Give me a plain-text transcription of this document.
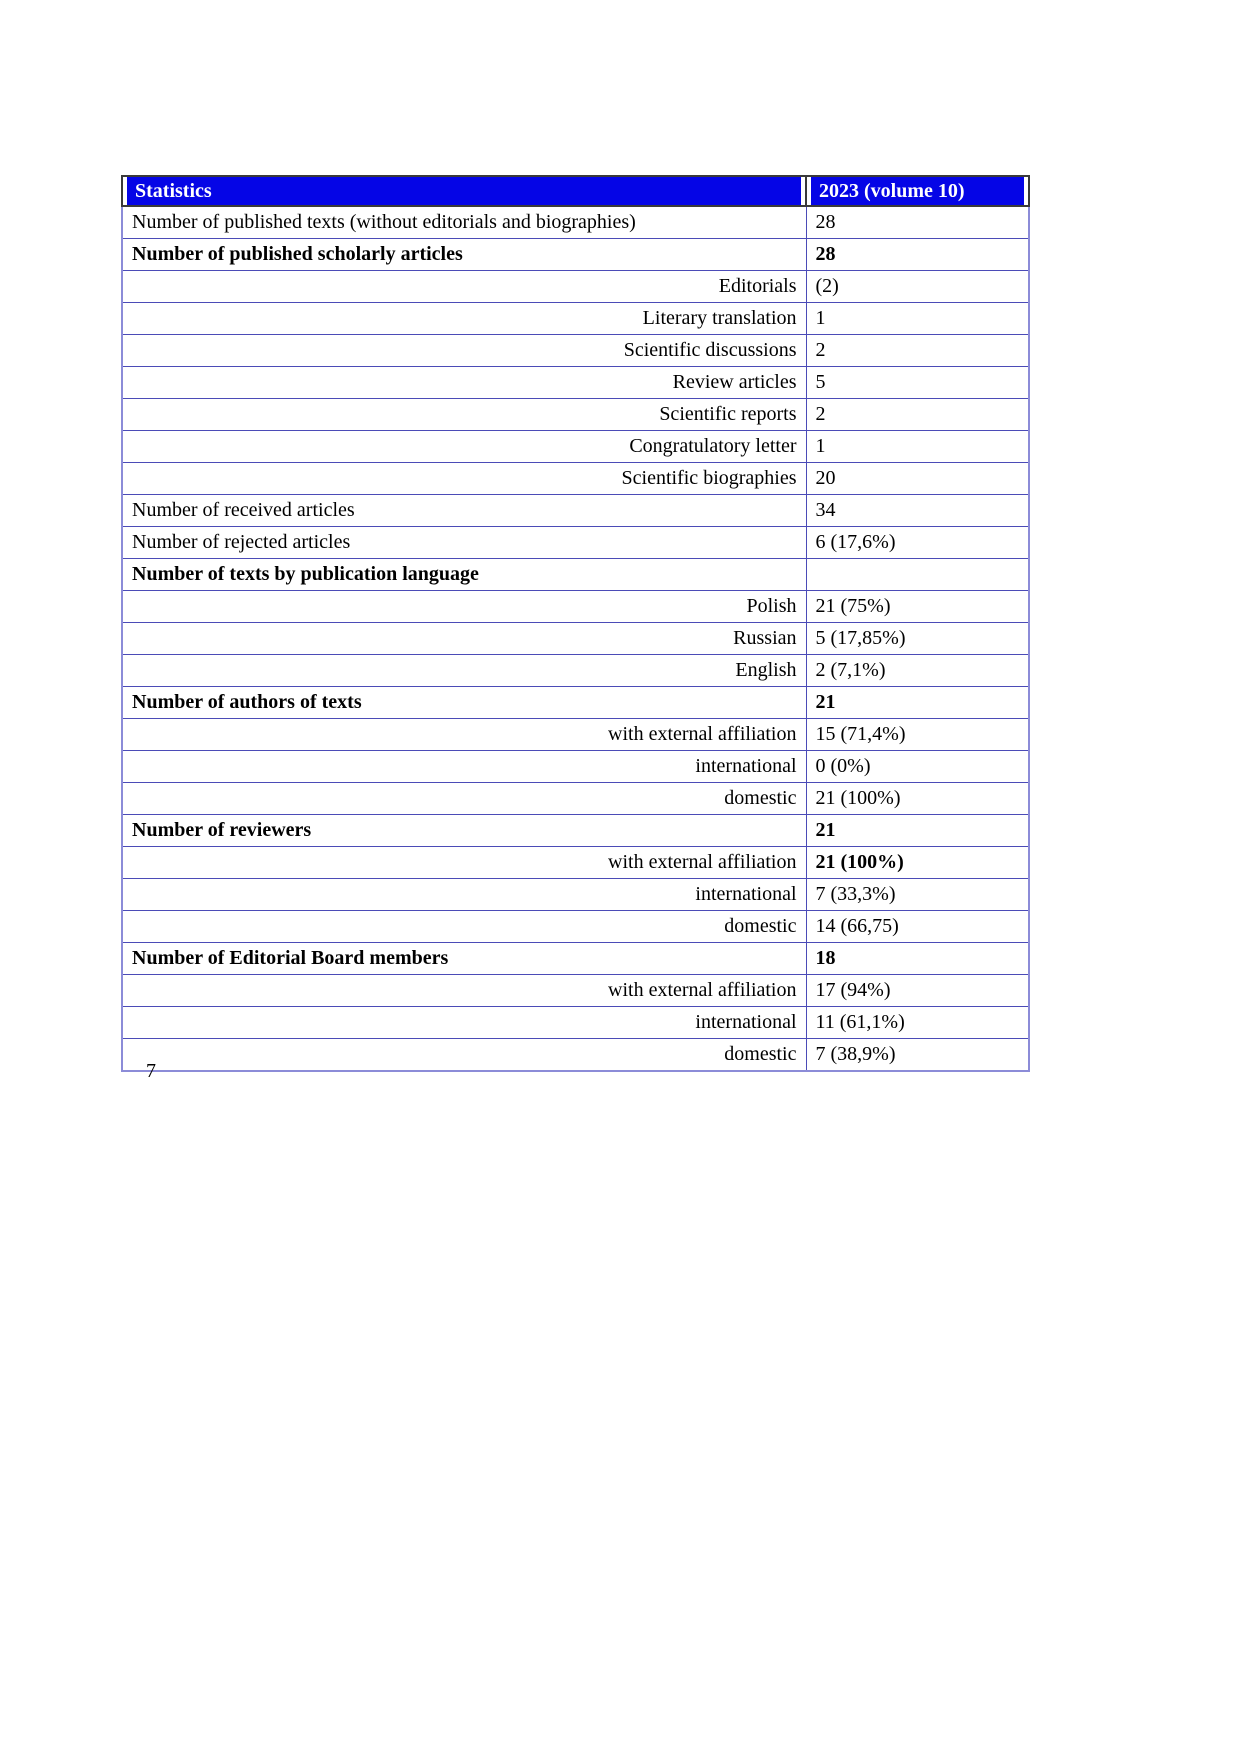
Statistics	2023 (volume 10)
Number of published texts (without editorials and biographies)	28
Number of published scholarly articles	28
Editorials	(2)
Literary translation	1
Scientific discussions	2
Review articles	5
Scientific reports	2
Congratulatory letter	1
Scientific biographies	20
Number of received articles	34
Number of rejected articles	6 (17,6%)
Number of texts by publication language	
Polish	21 (75%)
Russian	5 (17,85%)
English	2 (7,1%)
Number of authors of texts	21
with external affiliation	15 (71,4%)
international	0 (0%)
domestic	21 (100%)
Number of reviewers	21
with external affiliation	21 (100%)
international	7 (33,3%)
domestic	14 (66,75)
Number of Editorial Board members	18
with external affiliation	17 (94%)
international	11 (61,1%)
domestic	7 (38,9%)
7
